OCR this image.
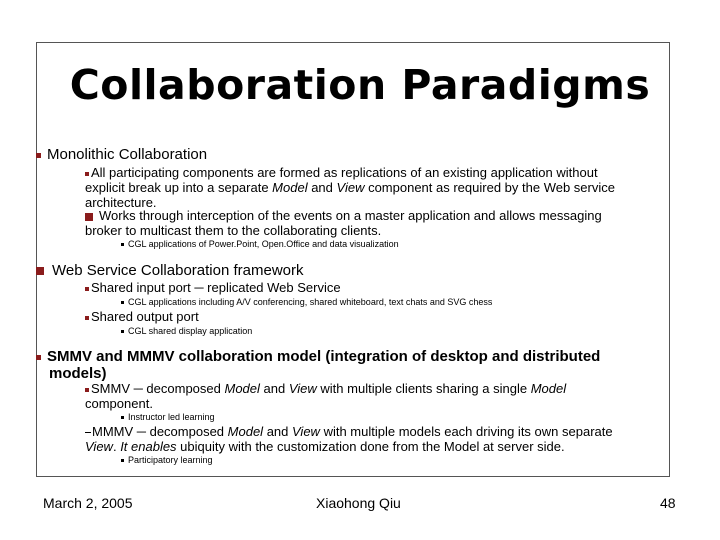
Collaboration Paradigms
Monolithic Collaboration
All participating components are formed as replications of an existing application without
explicit break up into a separate Model and View component as required by the Web service
architecture.
Works through interception of the events on a master application and allows messaging
broker to multicast them to the collaborating clients.
CGL applications of Power.Point, Open.Office and data visualization
Web Service Collaboration framework
Shared input port ─ replicated Web Service
CGL applications including A/V conferencing, shared whiteboard, text chats and SVG chess
Shared output port
CGL shared display application
SMMV and MMMV collaboration model (integration of desktop and distributed
models)
SMMV ─ decomposed Model and View with multiple clients sharing a single Model
component.
Instructor led learning
MMMV ─ decomposed Model and View with multiple models each driving its own separate
View. It enables ubiquity with the customization done from the Model at server side.
Participatory learning
March 2, 2005	Xiaohong Qiu	48
